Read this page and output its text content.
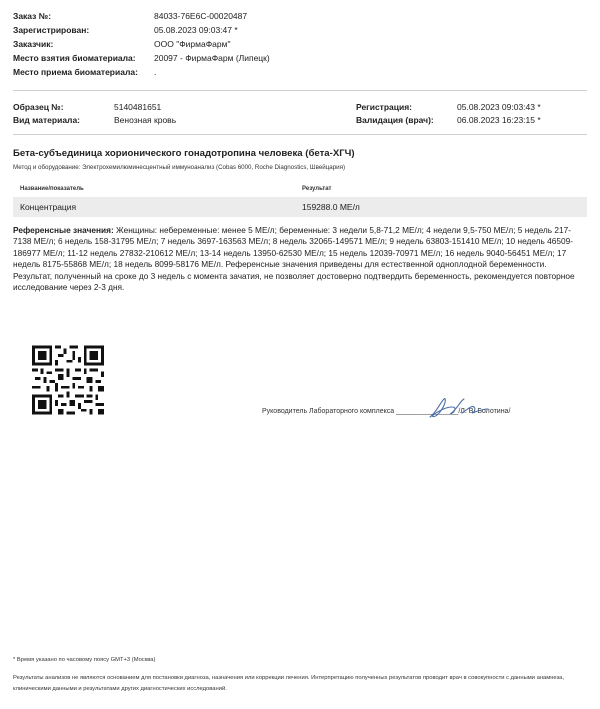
Заказ №:	84033-76E6C-00020487
Зарегистрирован:	05.08.2023 09:03:47 *
Заказчик:	ООО "ФирмаФарм"
Место взятия биоматериала:	20097 - ФирмаФарм (Липецк)
Место приема биоматериала:	.
Образец №:	5140481651
Вид материала:	Венозная кровь
Регистрация:	05.08.2023 09:03:43 *
Валидация (врач):	06.08.2023 16:23:15 *
Бета-субъединица хорионического гонадотропина человека (бета-ХГЧ)
Метод и оборудование: Электрохемилюминесцентный иммуноанализ (Cobas 6000, Roche Diagnostics, Швейцария)
Название/показатель	Результат
Концентрация	159288.0 МЕ/л
Референсные значения: Женщины: небеременные: менее 5 МЕ/л; беременные: 3 недели 5,8-71,2 МЕ/л; 4 недели 9,5-750 МЕ/л; 5 недель 217-7138 МЕ/л; 6 недель 158-31795 МЕ/л; 7 недель 3697-163563 МЕ/л; 8 недель 32065-149571 МЕ/л; 9 недель 63803-151410 МЕ/л; 10 недель 46509-186977 МЕ/л; 11-12 недель 27832-210612 МЕ/л; 13-14 недель 13950-62530 МЕ/л; 15 недель 12039-70971 МЕ/л; 16 недель 9040-56451 МЕ/л; 17 недель 8175-55868 МЕ/л; 18 недель 8099-58176 МЕ/л. Референсные значения приведены для естественной одноплодной беременности. Результат, полученный на сроке до 3 недель с момента зачатия, не позволяет достоверно подтвердить беременность, рекомендуется повторное исследование через 2-3 дня.
Руководитель Лабораторного комплекса ________________/Л. В. Болотина/
* Время указано по часовому поясу GMT+3 (Москва)
Результаты анализов не являются основанием для постановки диагноза, назначения или коррекции лечения. Интерпретацию полученных результатов проводит врач в совокупности с данными анамнеза, клиническими данными и результатами других диагностических исследований.
